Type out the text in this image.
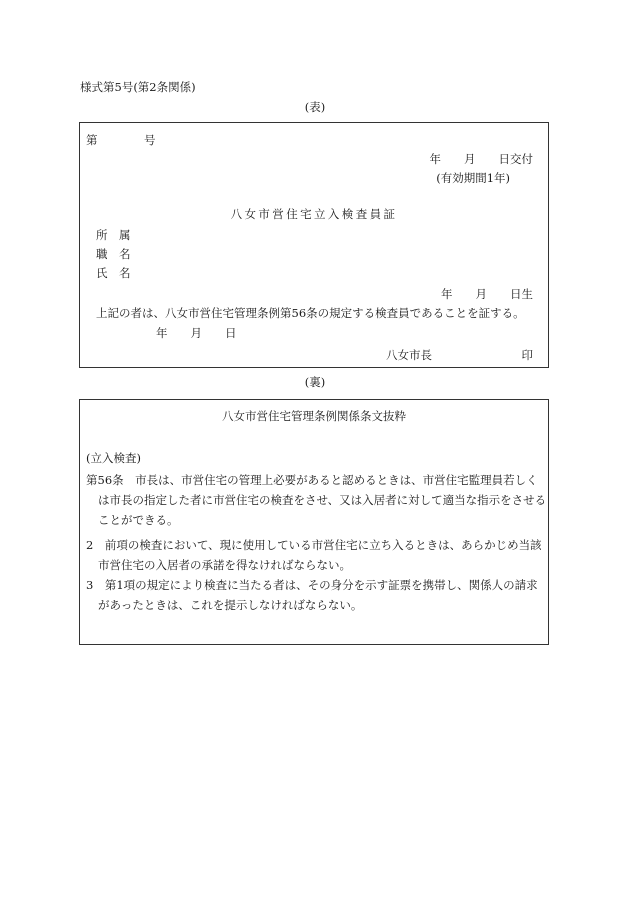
様式第5号(第2条関係)
(表)
第	号
年　　月　　日交付
(有効期間1年)
八女市営住宅立入検査員証
所　属
職　名
氏　名
年　　月　　日生
上記の者は、八女市営住宅管理条例第56条の規定する検査員であることを証する。
年　　月　　日
八女市長	印
(裏)
八女市営住宅管理条例関係条文抜粋
(立入検査)
第56条　市長は、市営住宅の管理上必要があると認めるときは、市営住宅監理員若しく
は市長の指定した者に市営住宅の検査をさせ、又は入居者に対して適当な指示をさせる
ことができる。
2　前項の検査において、現に使用している市営住宅に立ち入るときは、あらかじめ当該
市営住宅の入居者の承諾を得なければならない。
3　第1項の規定により検査に当たる者は、その身分を示す証票を携帯し、関係人の請求
があったときは、これを提示しなければならない。
